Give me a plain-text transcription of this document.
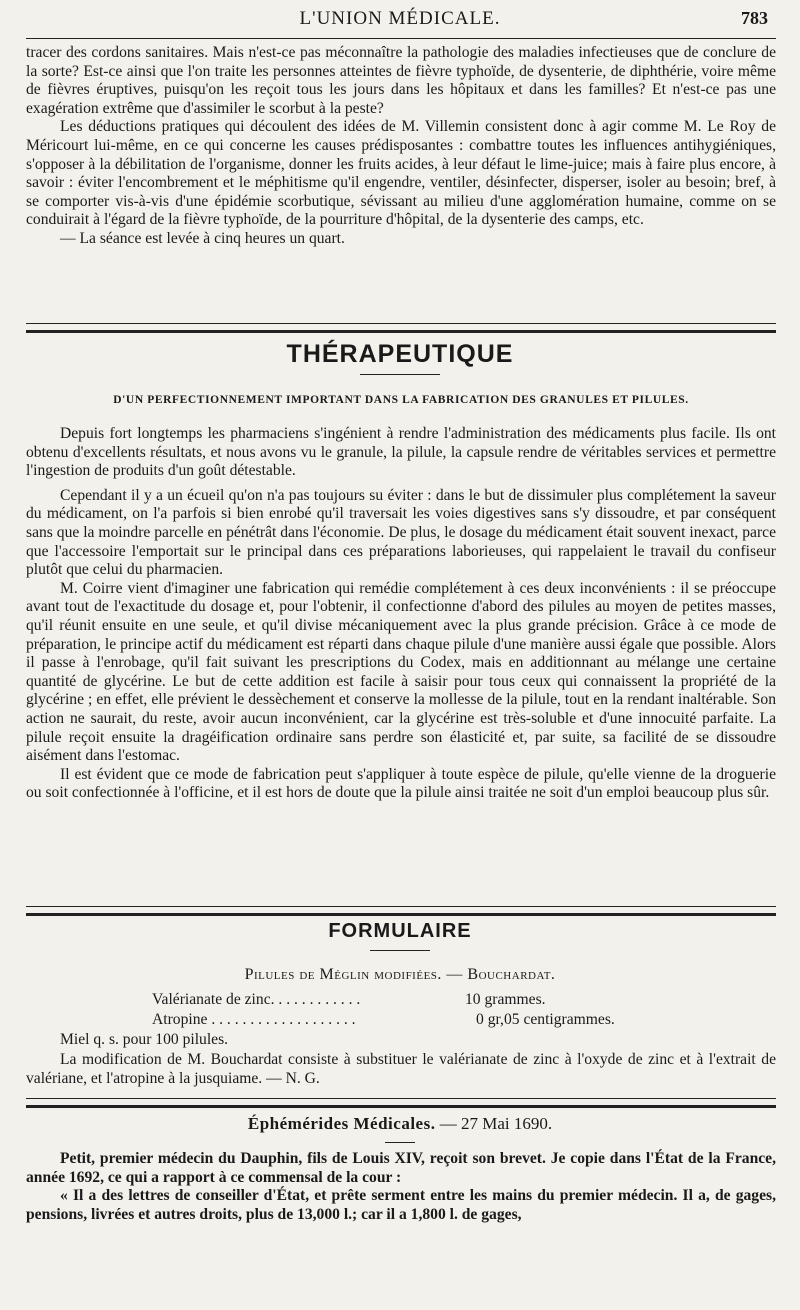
L'UNION MÉDICALE.	783

tracer des cordons sanitaires. Mais n'est-ce pas méconnaître la pathologie des maladies infectieuses que de conclure de la sorte? Est-ce ainsi que l'on traite les personnes atteintes de fièvre typhoïde, de dysenterie, de diphthérie, voire même de fièvres éruptives, puisqu'on les reçoit tous les jours dans les hôpitaux et dans les familles? Et n'est-ce pas une exagération extrême que d'assimiler le scorbut à la peste?

Les déductions pratiques qui découlent des idées de M. Villemin consistent donc à agir comme M. Le Roy de Méricourt lui-même, en ce qui concerne les causes prédisposantes : combattre toutes les influences antihygiéniques, s'opposer à la débilitation de l'organisme, donner les fruits acides, à leur défaut le lime-juice; mais à faire plus encore, à savoir : éviter l'encombrement et le méphitisme qu'il engendre, ventiler, désinfecter, disperser, isoler au besoin; bref, à se comporter vis-à-vis d'une épidémie scorbutique, sévissant au milieu d'une agglomération humaine, comme on se conduirait à l'égard de la fièvre typhoïde, de la pourriture d'hôpital, de la dysenterie des camps, etc.

— La séance est levée à cinq heures un quart.

THÉRAPEUTIQUE
D'UN PERFECTIONNEMENT IMPORTANT DANS LA FABRICATION DES GRANULES ET PILULES.

Depuis fort longtemps les pharmaciens s'ingénient à rendre l'administration des médicaments plus facile. Ils ont obtenu d'excellents résultats, et nous avons vu le granule, la pilule, la capsule rendre de véritables services et permettre l'ingestion de produits d'un goût détestable.

Cependant il y a un écueil qu'on n'a pas toujours su éviter : dans le but de dissimuler plus complétement la saveur du médicament, on l'a parfois si bien enrobé qu'il traversait les voies digestives sans s'y dissoudre, et par conséquent sans que la moindre parcelle en pénétrât dans l'économie. De plus, le dosage du médicament était souvent inexact, parce que l'accessoire l'emportait sur le principal dans ces préparations laborieuses, qui rappelaient le travail du confiseur plutôt que celui du pharmacien.

M. Coirre vient d'imaginer une fabrication qui remédie complétement à ces deux inconvénients : il se préoccupe avant tout de l'exactitude du dosage et, pour l'obtenir, il confectionne d'abord des pilules au moyen de petites masses, qu'il réunit ensuite en une seule, et qu'il divise mécaniquement avec la plus grande précision. Grâce à ce mode de préparation, le principe actif du médicament est réparti dans chaque pilule d'une manière aussi égale que possible. Alors il passe à l'enrobage, qu'il fait suivant les prescriptions du Codex, mais en additionnant au mélange une certaine quantité de glycérine. Le but de cette addition est facile à saisir pour tous ceux qui connaissent la propriété de la glycérine ; en effet, elle prévient le dessèchement et conserve la mollesse de la pilule, tout en la rendant inaltérable. Son action ne saurait, du reste, avoir aucun inconvénient, car la glycérine est très-soluble et d'une innocuité parfaite. La pilule reçoit ensuite la dragéification ordinaire sans perdre son élasticité et, par suite, sa facilité de se dissoudre aisément dans l'estomac.

Il est évident que ce mode de fabrication peut s'appliquer à toute espèce de pilule, qu'elle vienne de la droguerie ou soit confectionnée à l'officine, et il est hors de doute que la pilule ainsi traitée ne soit d'un emploi beaucoup plus sûr.

FORMULAIRE
Pilules de Méglin modifiées. — Bouchardat.
Valérianate de zinc. . . . . . . . . . . .	10 grammes.
Atropine . . . . . . . . . . . . . . . . . . .	0 gr,05 centigrammes.
Miel q. s. pour 100 pilules.

La modification de M. Bouchardat consiste à substituer le valérianate de zinc à l'oxyde de zinc et à l'extrait de valériane, et l'atropine à la jusquiame. — N. G.

Éphémérides Médicales. — 27 Mai 1690.

Petit, premier médecin du Dauphin, fils de Louis XIV, reçoit son brevet. Je copie dans l'État de la France, année 1692, ce qui a rapport à ce commensal de la cour :

« Il a des lettres de conseiller d'État, et prête serment entre les mains du premier médecin. Il a, de gages, pensions, livrées et autres droits, plus de 13,000 l.; car il a 1,800 l. de gages,
